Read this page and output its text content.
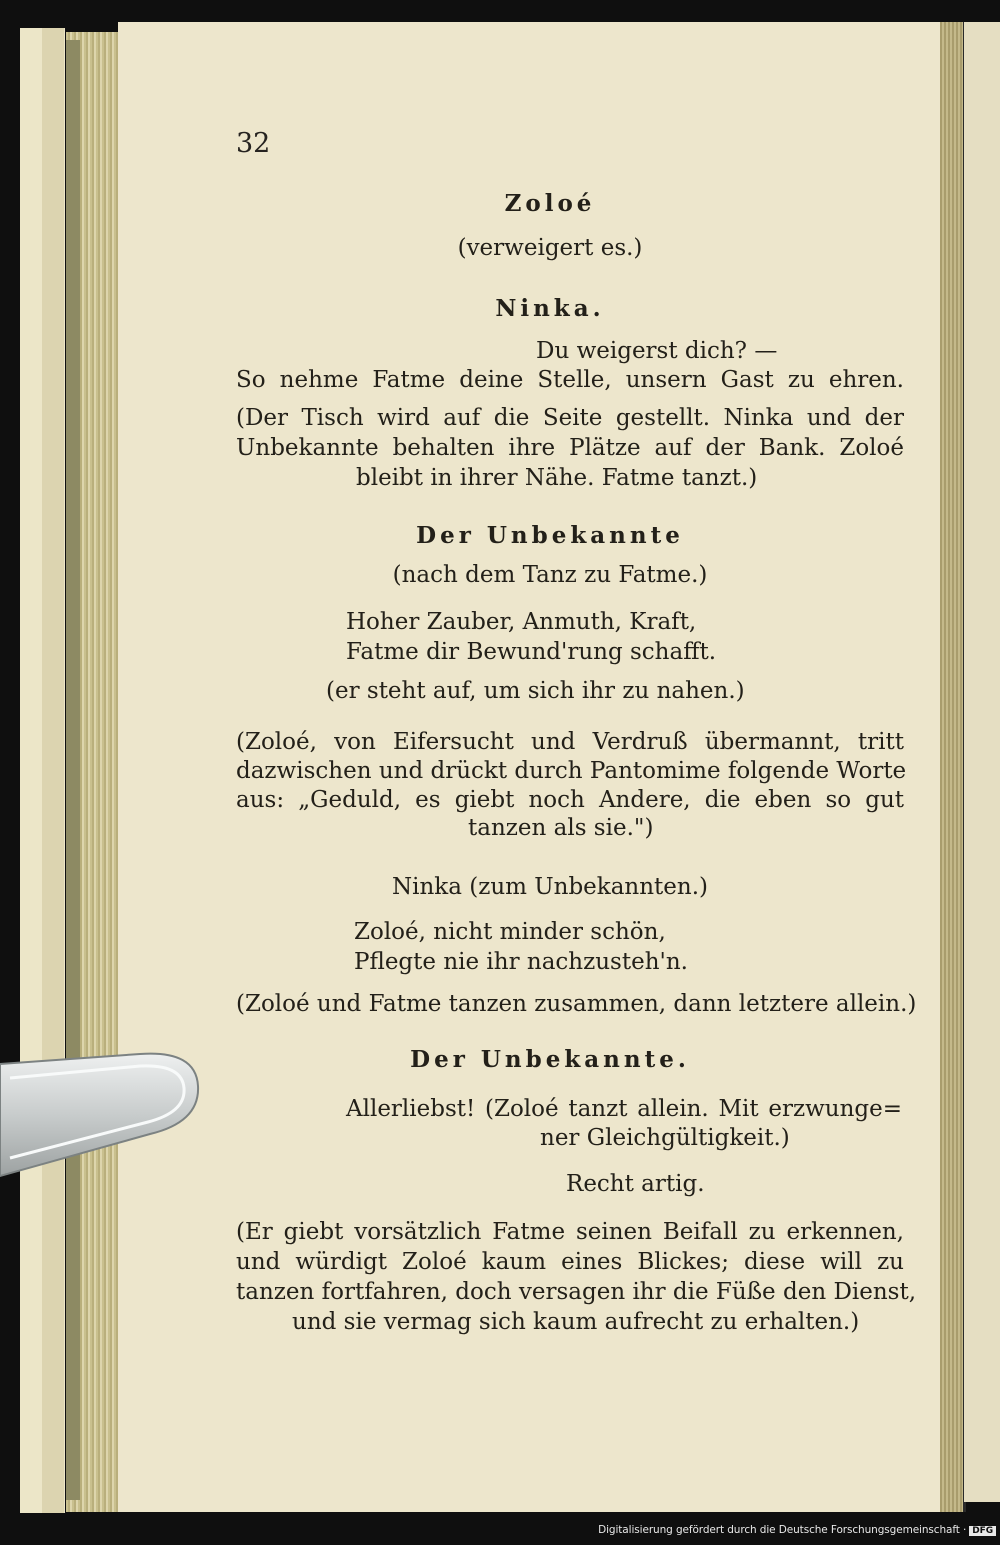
32

Zoloé

(verweigert es.)

Ninka.

Du weigerst dich? —

So nehme Fatme deine Stelle, unsern Gast zu ehren.

(Der Tisch wird auf die Seite gestellt. Ninka und der

Unbekannte behalten ihre Plätze auf der Bank. Zoloé

bleibt in ihrer Nähe. Fatme tanzt.)

Der Unbekannte

(nach dem Tanz zu Fatme.)

Hoher Zauber, Anmuth, Kraft,

Fatme dir Bewund'rung schafft.

(er steht auf, um sich ihr zu nahen.)

(Zoloé, von Eifersucht und Verdruß übermannt, tritt

dazwischen und drückt durch Pantomime folgende Worte

aus: „Geduld, es giebt noch Andere, die eben so gut

tanzen als sie.")

Ninka (zum Unbekannten.)

Zoloé, nicht minder schön,

Pflegte nie ihr nachzusteh'n.

(Zoloé und Fatme tanzen zusammen, dann letztere allein.)

Der Unbekannte.

Allerliebst! (Zoloé tanzt allein. Mit erzwunge=

ner Gleichgültigkeit.)

Recht artig.

(Er giebt vorsätzlich Fatme seinen Beifall zu erkennen,

und würdigt Zoloé kaum eines Blickes; diese will zu

tanzen fortfahren, doch versagen ihr die Füße den Dienst,

und sie vermag sich kaum aufrecht zu erhalten.)

Digitalisierung gefördert durch die Deutsche Forschungsgemeinschaft · DFG
